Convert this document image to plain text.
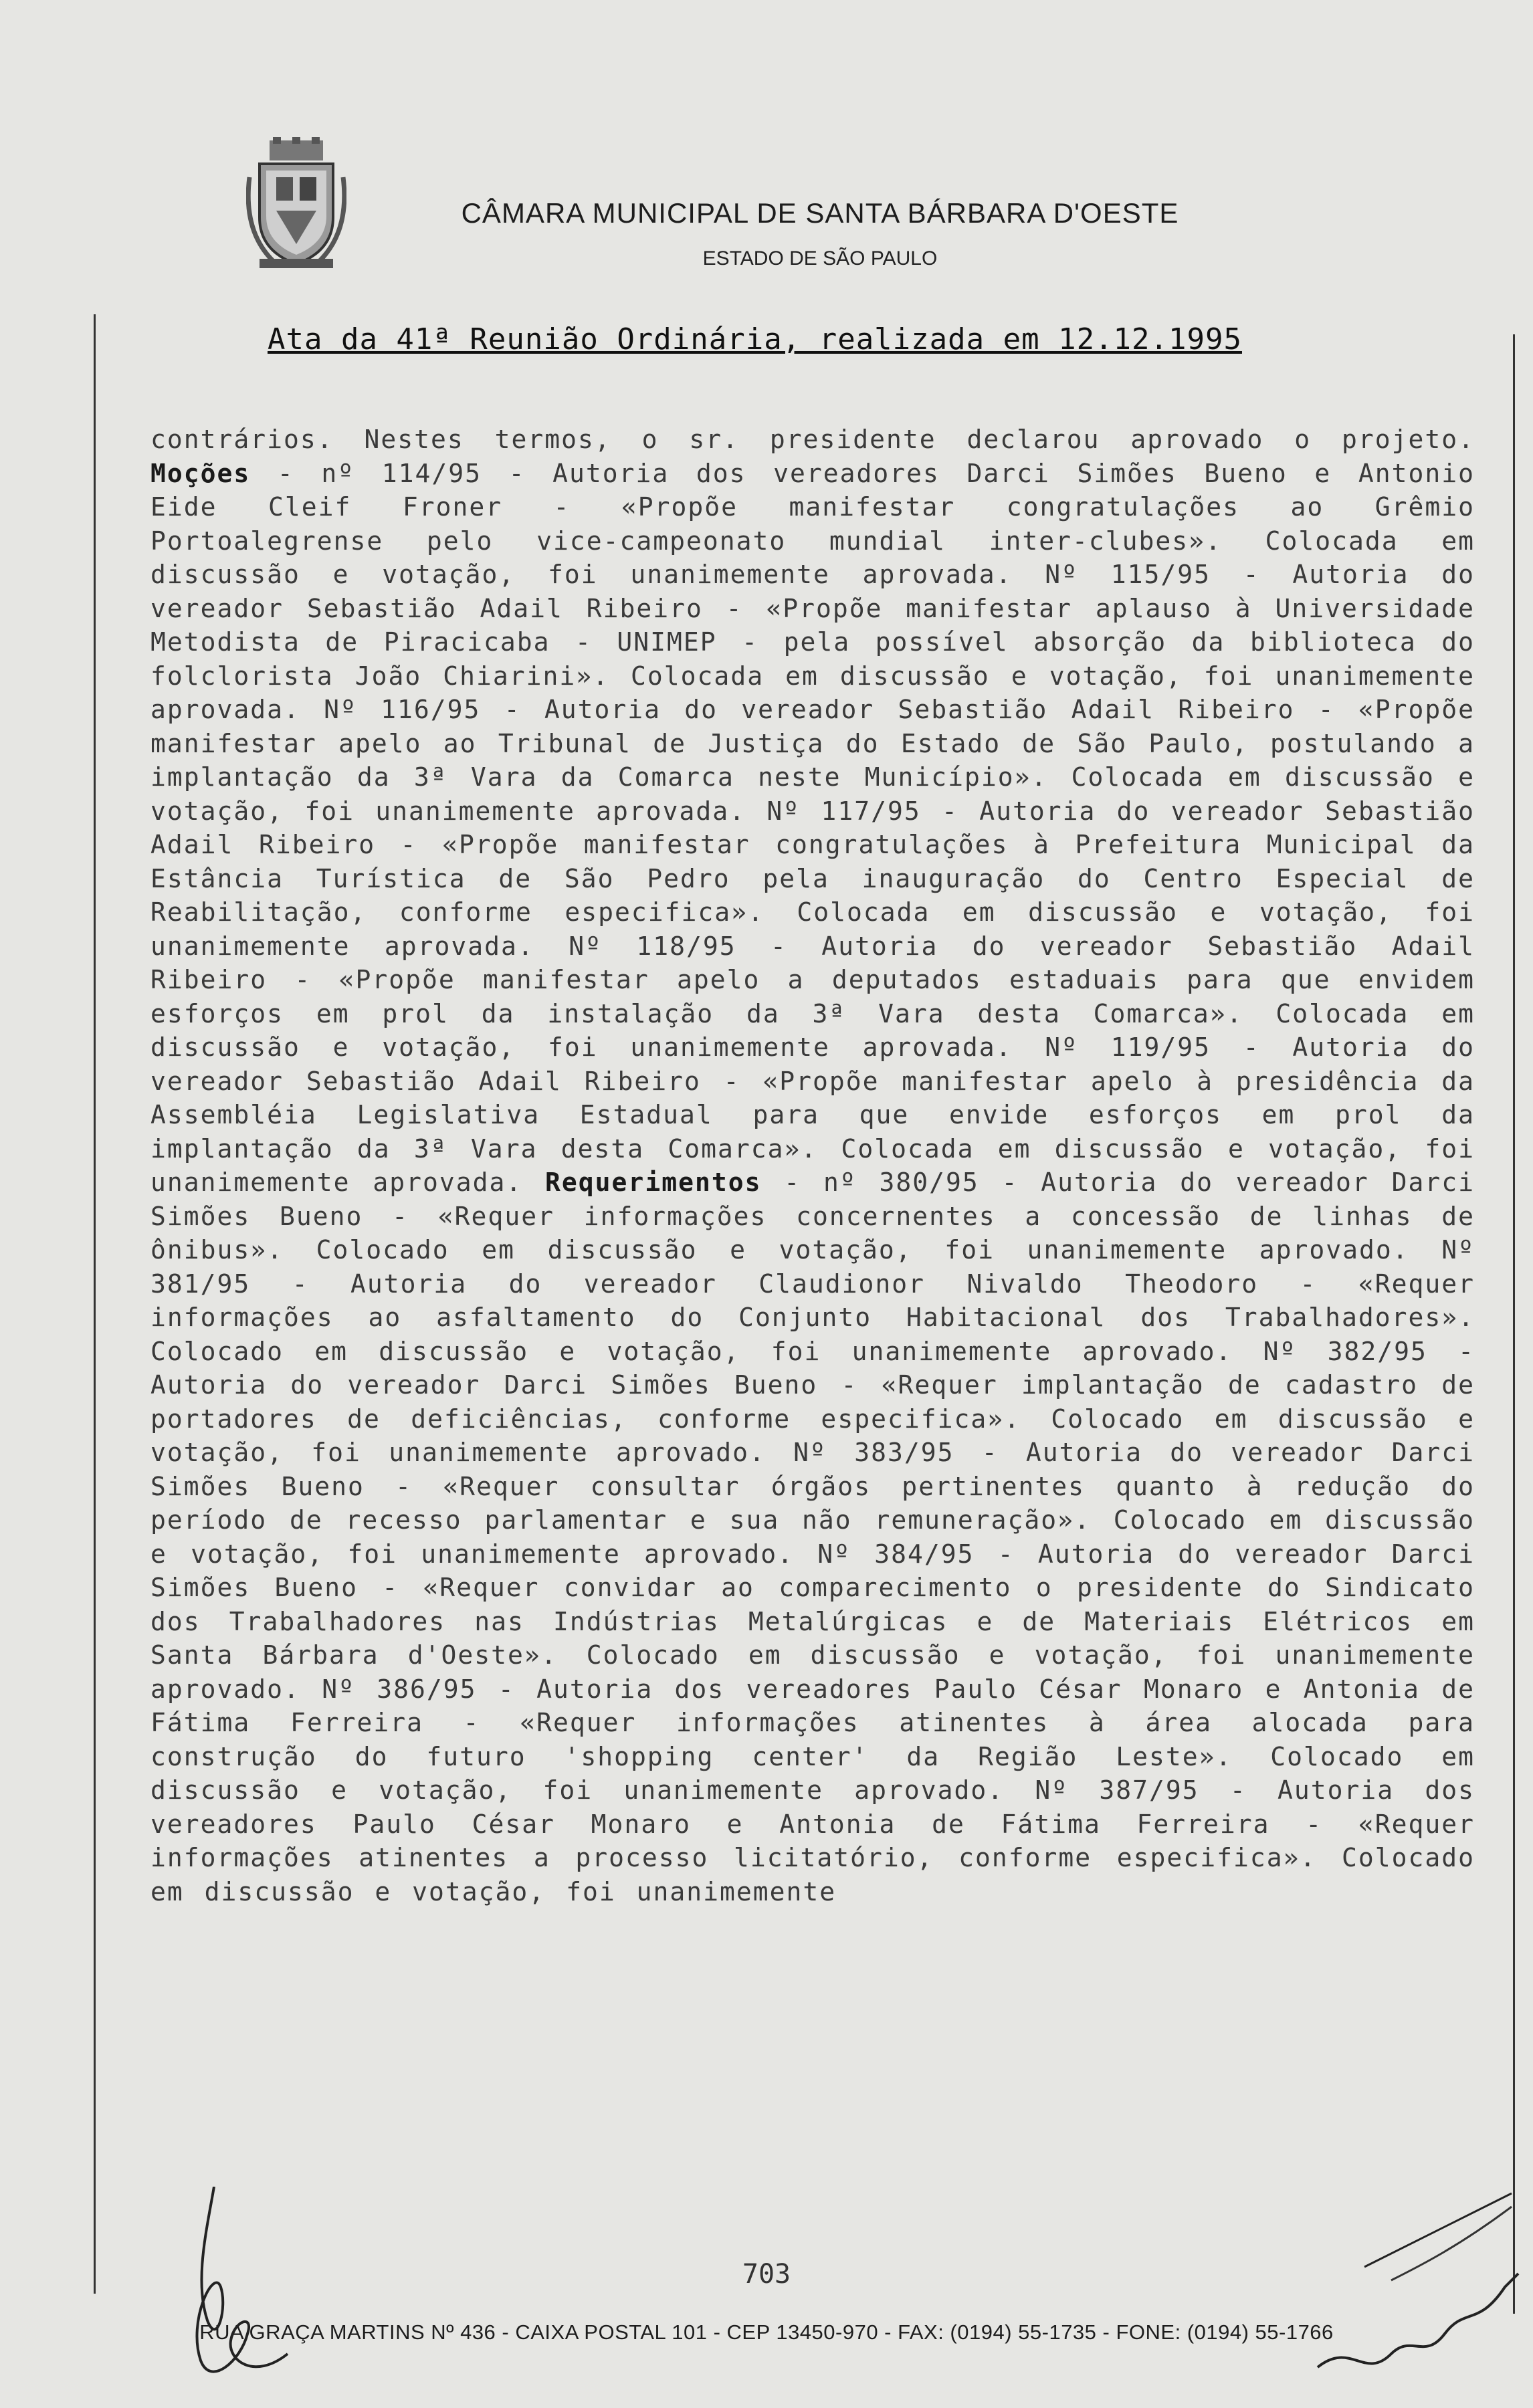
CÂMARA MUNICIPAL DE SANTA BÁRBARA D'OESTE
ESTADO DE SÃO PAULO
Ata da 41ª Reunião Ordinária, realizada em 12.12.1995
contrários. Nestes termos, o sr. presidente declarou aprovado o projeto. Moções - nº 114/95 - Autoria dos vereadores Darci Simões Bueno e Antonio Eide Cleif Froner - «Propõe manifestar congratulações ao Grêmio Portoalegrense pelo vice-campeonato mundial inter-clubes». Colocada em discussão e votação, foi unanimemente aprovada. Nº 115/95 - Autoria do vereador Sebastião Adail Ribeiro - «Propõe manifestar aplauso à Universidade Metodista de Piracicaba - UNIMEP - pela possível absorção da biblioteca do folclorista João Chiarini». Colocada em discussão e votação, foi unanimemente aprovada. Nº 116/95 - Autoria do vereador Sebastião Adail Ribeiro - «Propõe manifestar apelo ao Tribunal de Justiça do Estado de São Paulo, postulando a implantação da 3ª Vara da Comarca neste Município». Colocada em discussão e votação, foi unanimemente aprovada. Nº 117/95 - Autoria do vereador Sebastião Adail Ribeiro - «Propõe manifestar congratulações à Prefeitura Municipal da Estância Turística de São Pedro pela inauguração do Centro Especial de Reabilitação, conforme especifica». Colocada em discussão e votação, foi unanimemente aprovada. Nº 118/95 - Autoria do vereador Sebastião Adail Ribeiro - «Propõe manifestar apelo a deputados estaduais para que envidem esforços em prol da instalação da 3ª Vara desta Comarca». Colocada em discussão e votação, foi unanimemente aprovada. Nº 119/95 - Autoria do vereador Sebastião Adail Ribeiro - «Propõe manifestar apelo à presidência da Assembléia Legislativa Estadual para que envide esforços em prol da implantação da 3ª Vara desta Comarca». Colocada em discussão e votação, foi unanimemente aprovada. Requerimentos - nº 380/95 - Autoria do vereador Darci Simões Bueno - «Requer informações concernentes a concessão de linhas de ônibus». Colocado em discussão e votação, foi unanimemente aprovado. Nº 381/95 - Autoria do vereador Claudionor Nivaldo Theodoro - «Requer informações ao asfaltamento do Conjunto Habitacional dos Trabalhadores». Colocado em discussão e votação, foi unanimemente aprovado. Nº 382/95 - Autoria do vereador Darci Simões Bueno - «Requer implantação de cadastro de portadores de deficiências, conforme especifica». Colocado em discussão e votação, foi unanimemente aprovado. Nº 383/95 - Autoria do vereador Darci Simões Bueno - «Requer consultar órgãos pertinentes quanto à redução do período de recesso parlamentar e sua não remuneração». Colocado em discussão e votação, foi unanimemente aprovado. Nº 384/95 - Autoria do vereador Darci Simões Bueno - «Requer convidar ao comparecimento o presidente do Sindicato dos Trabalhadores nas Indústrias Metalúrgicas e de Materiais Elétricos em Santa Bárbara d'Oeste». Colocado em discussão e votação, foi unanimemente aprovado. Nº 386/95 - Autoria dos vereadores Paulo César Monaro e Antonia de Fátima Ferreira - «Requer informações atinentes à área alocada para construção do futuro 'shopping center' da Região Leste». Colocado em discussão e votação, foi unanimemente aprovado. Nº 387/95 - Autoria dos vereadores Paulo César Monaro e Antonia de Fátima Ferreira - «Requer informações atinentes a processo licitatório, conforme especifica». Colocado em discussão e votação, foi unanimemente
703
RUA GRAÇA MARTINS Nº 436 - CAIXA POSTAL 101 - CEP 13450-970 - FAX: (0194) 55-1735 - FONE: (0194) 55-1766
